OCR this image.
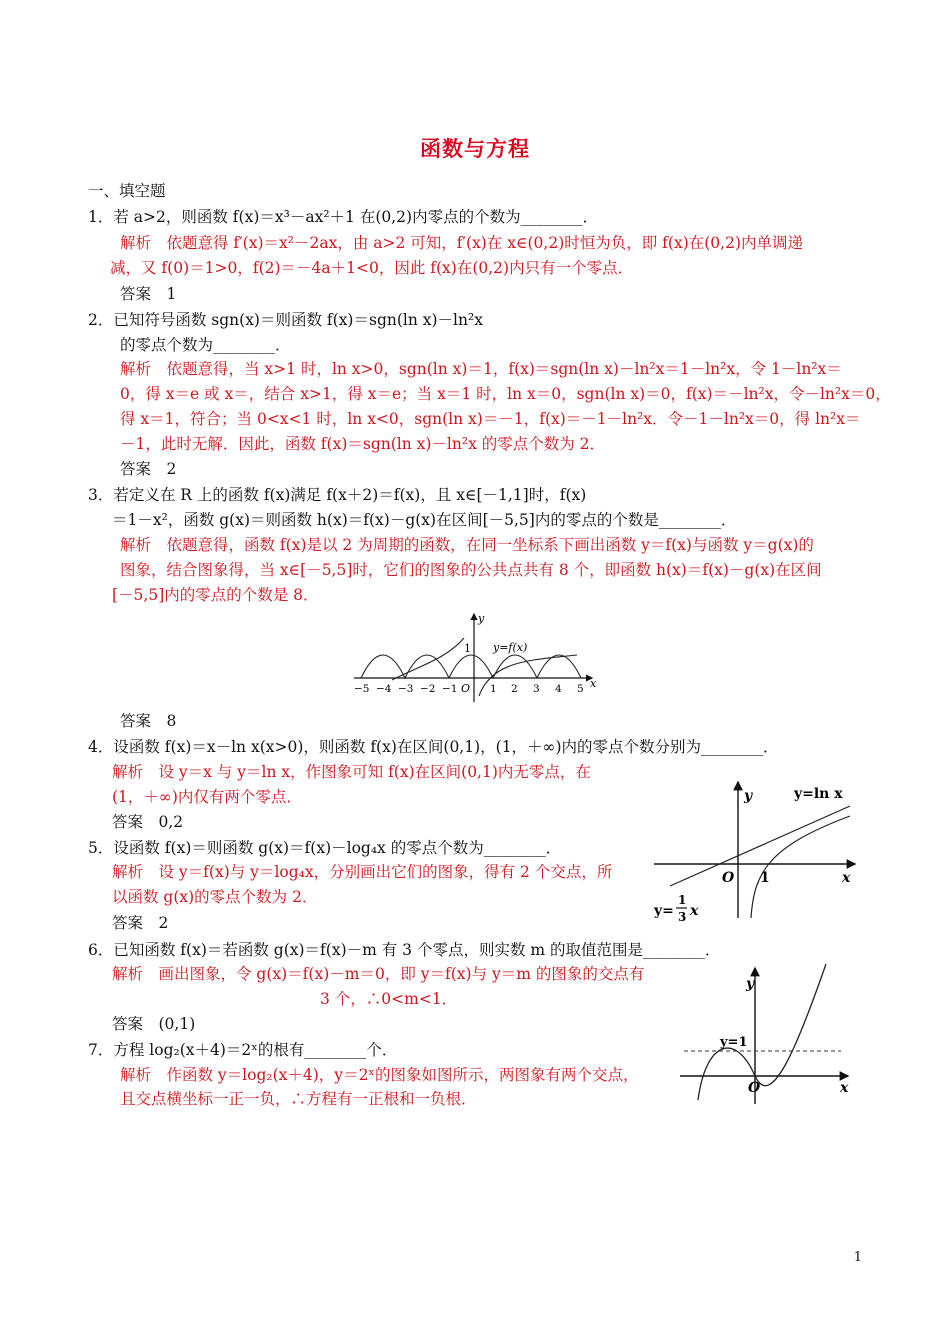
函数与方程
一、填空题
1．若 a>2，则函数 f(x)＝x³－ax²＋1 在(0,2)内零点的个数为________．
解析　依题意得 f′(x)＝x²－2ax，由 a>2 可知，f′(x)在 x∈(0,2)时恒为负，即 f(x)在(0,2)内单调递
减，又 f(0)＝1>0，f(2)＝－4a＋1<0，因此 f(x)在(0,2)内只有一个零点．
答案　1
2．已知符号函数 sgn(x)＝则函数 f(x)＝sgn(ln x)－ln²x
的零点个数为________．
解析　依题意得，当 x>1 时，ln x>0，sgn(ln x)＝1，f(x)＝sgn(ln x)－ln²x＝1－ln²x，令 1－ln²x＝
0，得 x＝e 或 x＝，结合 x>1，得 x＝e；当 x＝1 时，ln x＝0，sgn(ln x)＝0，f(x)＝－ln²x，令－ln²x＝0，
得 x＝1，符合；当 0<x<1 时，ln x<0，sgn(ln x)＝－1，f(x)＝－1－ln²x．令－1－ln²x＝0，得 ln²x＝
－1，此时无解．因此，函数 f(x)＝sgn(ln x)－ln²x 的零点个数为 2．
答案　2
3．若定义在 R 上的函数 f(x)满足 f(x＋2)＝f(x)，且 x∈[－1,1]时，f(x)
＝1－x²，函数 g(x)＝则函数 h(x)＝f(x)－g(x)在区间[－5,5]内的零点的个数是________．
解析　依题意得，函数 f(x)是以 2 为周期的函数，在同一坐标系下画出函数 y＝f(x)与函数 y＝g(x)的
图象，结合图象得，当 x∈[－5,5]时，它们的图象的公共点共有 8 个，即函数 h(x)＝f(x)－g(x)在区间
[－5,5]内的零点的个数是 8．
y
x
y=f(x)
1
O
−5 −4 −3 −2 −1	1 2 3 4 5
答案　8
4．设函数 f(x)＝x－ln x(x>0)，则函数 f(x)在区间(0,1)，(1，＋∞)内的零点个数分别为________．
解析　设 y＝x 与 y＝ln x，作图象可知 f(x)在区间(0,1)内无零点，在
(1，＋∞)内仅有两个零点．
答案　0,2
y
x
y=ln x
O 1
y=
1
3 x
5．设函数 f(x)＝则函数 g(x)＝f(x)－log₄x 的零点个数为________．
解析　设 y＝f(x)与 y＝log₄x，分别画出它们的图象，得有 2 个交点，所
以函数 g(x)的零点个数为 2．
答案　2
6．已知函数 f(x)＝若函数 g(x)＝f(x)－m 有 3 个零点，则实数 m 的取值范围是________．
解析　画出图象，令 g(x)＝f(x)－m＝0，即 y＝f(x)与 y＝m 的图象的交点有
3 个，∴0<m<1．
答案　(0,1)
y
x
y=1
O
7．方程 log₂(x＋4)＝2ˣ的根有________个．
解析　作函数 y＝log₂(x＋4)，y＝2ˣ的图象如图所示，两图象有两个交点，
且交点横坐标一正一负，∴方程有一正根和一负根．
1
